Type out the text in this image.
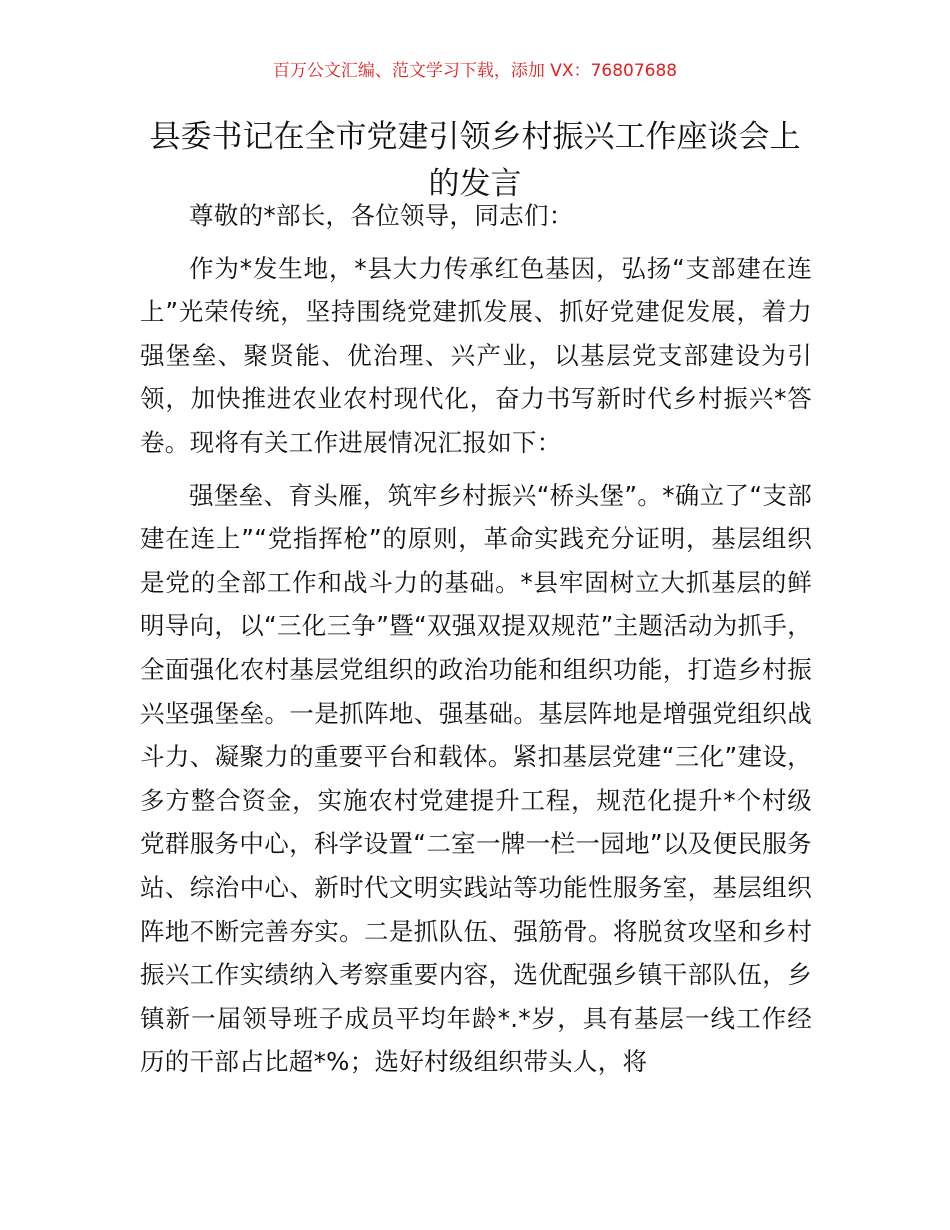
百万公文汇编、范文学习下载，添加 VX：76807688
县委书记在全市党建引领乡村振兴工作座谈会上的发言

尊敬的*部长，各位领导，同志们：

作为*发生地，*县大力传承红色基因，弘扬“支部建在连上”光荣传统，坚持围绕党建抓发展、抓好党建促发展，着力强堡垒、聚贤能、优治理、兴产业，以基层党支部建设为引领，加快推进农业农村现代化，奋力书写新时代乡村振兴*答卷。现将有关工作进展情况汇报如下：

强堡垒、育头雁，筑牢乡村振兴“桥头堡”。*确立了“支部建在连上”“党指挥枪”的原则，革命实践充分证明，基层组织是党的全部工作和战斗力的基础。*县牢固树立大抓基层的鲜明导向，以“三化三争”暨“双强双提双规范”主题活动为抓手，全面强化农村基层党组织的政治功能和组织功能，打造乡村振兴坚强堡垒。一是抓阵地、强基础。基层阵地是增强党组织战斗力、凝聚力的重要平台和载体。紧扣基层党建“三化”建设，多方整合资金，实施农村党建提升工程，规范化提升*个村级党群服务中心，科学设置“二室一牌一栏一园地”以及便民服务站、综治中心、新时代文明实践站等功能性服务室，基层组织阵地不断完善夯实。二是抓队伍、强筋骨。将脱贫攻坚和乡村振兴工作实绩纳入考察重要内容，选优配强乡镇干部队伍，乡镇新一届领导班子成员平均年龄*.*岁，具有基层一线工作经历的干部占比超*%；选好村级组织带头人，将
